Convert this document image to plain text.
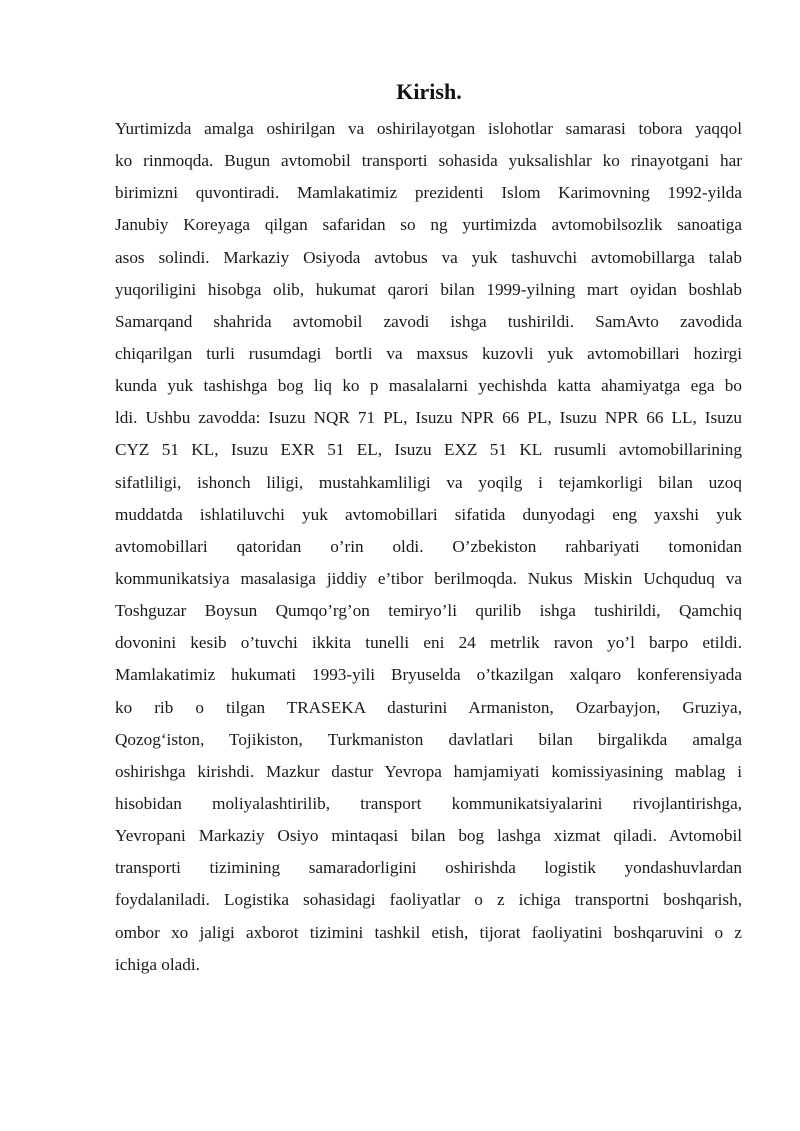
Kirish.
Yurtimizda amalga oshirilgan va oshirilayotgan islohotlar samarasi tobora yaqqol
ko rinmoqda. Bugun avtomobil transporti sohasida yuksalishlar ko rinayotgani har
birimizni quvontiradi. Mamlakatimiz prezidenti Islom Karimovning 1992-yilda
Janubiy Koreyaga qilgan safaridan so ng yurtimizda avtomobilsozlik sanoatiga
asos solindi. Markaziy Osiyoda avtobus va yuk tashuvchi avtomobillarga talab
yuqoriligini hisobga olib, hukumat qarori bilan 1999-yilning mart oyidan boshlab
Samarqand shahrida avtomobil zavodi ishga tushirildi. SamAvto zavodida
chiqarilgan turli rusumdagi bortli va maxsus kuzovli yuk avtomobillari hozirgi
kunda yuk tashishga bog liq ko p masalalarni yechishda katta ahamiyatga ega bo
ldi. Ushbu zavodda: Isuzu NQR 71 PL, Isuzu NPR 66 PL, Isuzu NPR 66 LL, Isuzu
CYZ 51 KL, Isuzu EXR 51 EL, Isuzu EXZ 51 KL rusumli avtomobillarining
sifatliligi, ishonch liligi, mustahkamliligi va yoqilg i tejamkorligi bilan uzoq
muddatda ishlatiluvchi yuk avtomobillari sifatida dunyodagi eng yaxshi yuk
avtomobillari qatoridan o’rin oldi. O’zbekiston rahbariyati tomonidan
kommunikatsiya masalasiga jiddiy e’tibor berilmoqda. Nukus Miskin Uchquduq va
Toshguzar Boysun Qumqo’rg’on temiryo’li qurilib ishga tushirildi, Qamchiq
dovonini kesib o’tuvchi ikkita tunelli eni 24 metrlik ravon yo’l barpo etildi.
Mamlakatimiz hukumati 1993-yili Bryuselda o’tkazilgan xalqaro konferensiyada
ko rib o tilgan TRASEKA dasturini Armaniston, Ozarbayjon, Gruziya,
Qozog‘iston, Tojikiston, Turkmaniston davlatlari bilan birgalikda amalga
oshirishga kirishdi. Mazkur dastur Yevropa hamjamiyati komissiyasining mablag i
hisobidan moliyalashtirilib, transport kommunikatsiyalarini rivojlantirishga,
Yevropani Markaziy Osiyo mintaqasi bilan bog lashga xizmat qiladi. Avtomobil
transporti tizimining samaradorligini oshirishda logistik yondashuvlardan
foydalaniladi. Logistika sohasidagi faoliyatlar o z ichiga transportni boshqarish,
ombor xo jaligi axborot tizimini tashkil etish, tijorat faoliyatini boshqaruvini o z
ichiga oladi.
